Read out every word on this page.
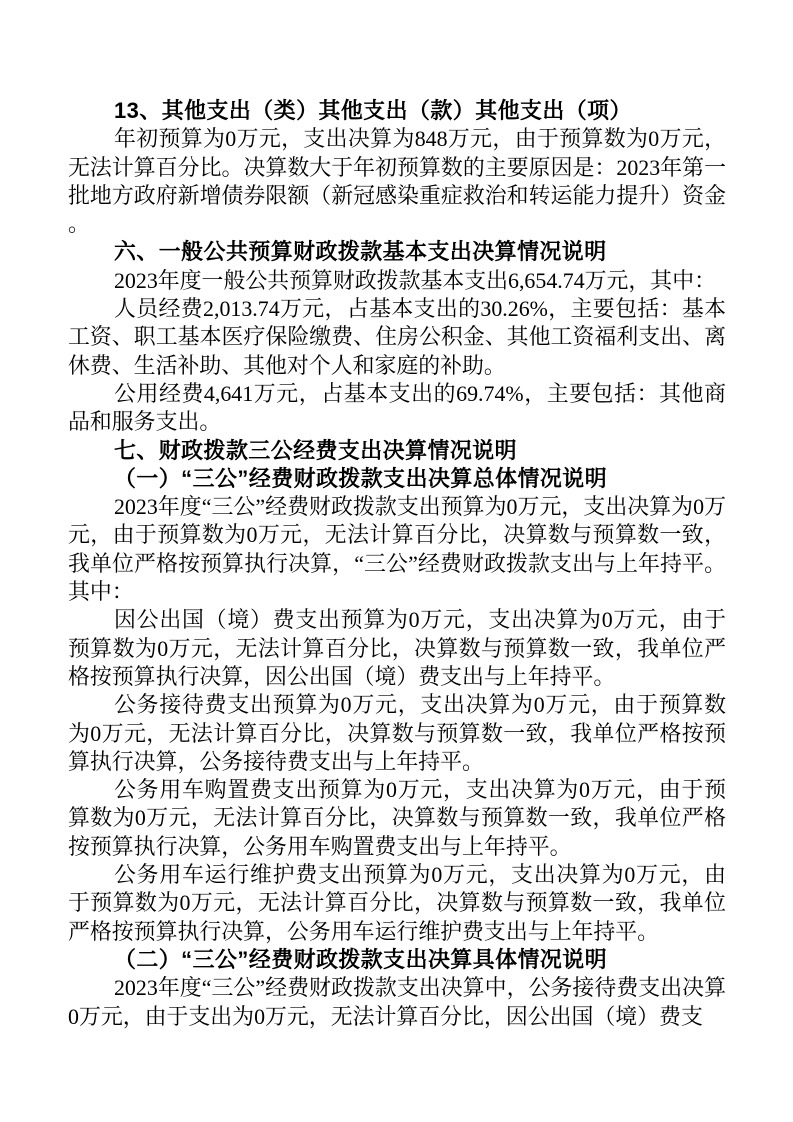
13、其他支出（类）其他支出（款）其他支出（项）

年初预算为0万元，支出决算为848万元，由于预算数为0万元，无法计算百分比。决算数大于年初预算数的主要原因是：2023年第一批地方政府新增债券限额（新冠感染重症救治和转运能力提升）资金。

六、一般公共预算财政拨款基本支出决算情况说明

2023年度一般公共预算财政拨款基本支出6,654.74万元，其中：

人员经费2,013.74万元，占基本支出的30.26%，主要包括：基本工资、职工基本医疗保险缴费、住房公积金、其他工资福利支出、离休费、生活补助、其他对个人和家庭的补助。

公用经费4,641万元，占基本支出的69.74%，主要包括：其他商品和服务支出。

七、财政拨款三公经费支出决算情况说明

（一）“三公”经费财政拨款支出决算总体情况说明

2023年度“三公”经费财政拨款支出预算为0万元，支出决算为0万元，由于预算数为0万元，无法计算百分比，决算数与预算数一致，我单位严格按预算执行决算，“三公”经费财政拨款支出与上年持平。其中：

因公出国（境）费支出预算为0万元，支出决算为0万元，由于预算数为0万元，无法计算百分比，决算数与预算数一致，我单位严格按预算执行决算，因公出国（境）费支出与上年持平。

公务接待费支出预算为0万元，支出决算为0万元，由于预算数为0万元，无法计算百分比，决算数与预算数一致，我单位严格按预算执行决算，公务接待费支出与上年持平。

公务用车购置费支出预算为0万元，支出决算为0万元，由于预算数为0万元，无法计算百分比，决算数与预算数一致，我单位严格按预算执行决算，公务用车购置费支出与上年持平。

公务用车运行维护费支出预算为0万元，支出决算为0万元，由于预算数为0万元，无法计算百分比，决算数与预算数一致，我单位严格按预算执行决算，公务用车运行维护费支出与上年持平。

（二）“三公”经费财政拨款支出决算具体情况说明

2023年度“三公”经费财政拨款支出决算中，公务接待费支出决算0万元，由于支出为0万元，无法计算百分比，因公出国（境）费支
